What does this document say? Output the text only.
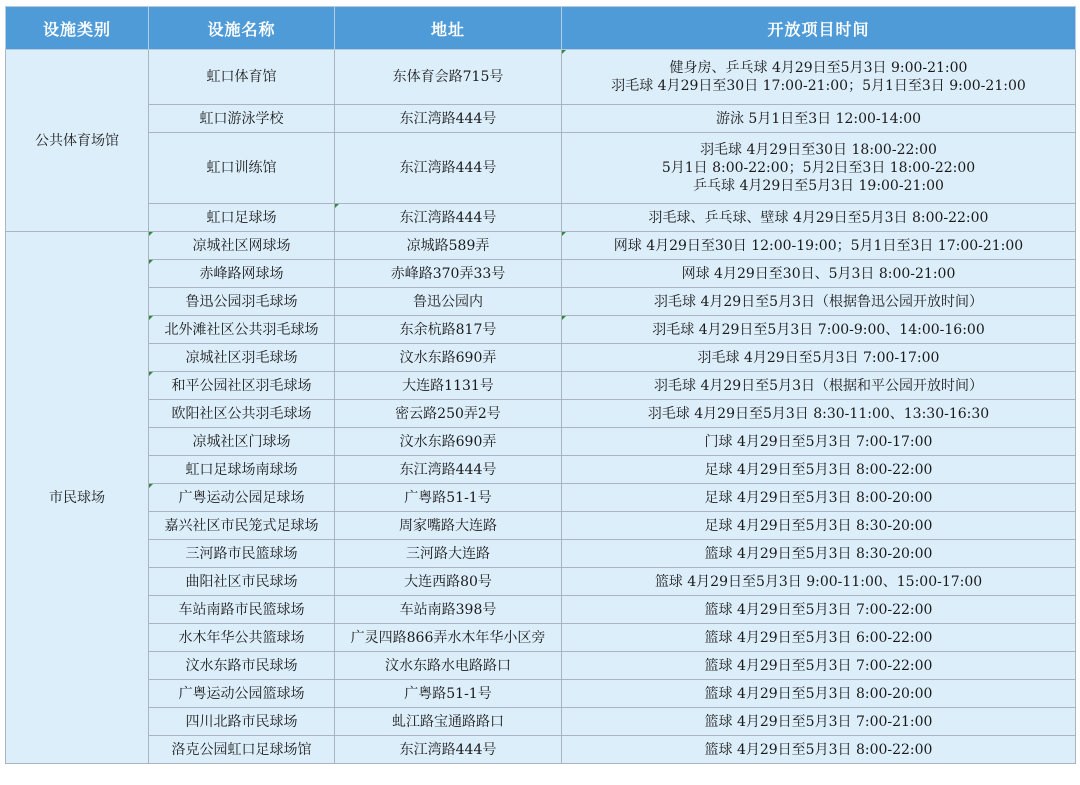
设施类别	设施名称	地址	开放项目时间
公共体育场馆	虹口体育馆	东体育会路715号	健身房、乒乓球 4月29日至5月3日 9:00-21:00
羽毛球 4月29日至30日 17:00-21:00；5月1日至3日 9:00-21:00

	虹口游泳学校	东江湾路444号	游泳 5月1日至3日 12:00-14:00

	虹口训练馆	东江湾路444号	羽毛球 4月29日至30日 18:00-22:00
5月1日 8:00-22:00；5月2日至3日 18:00-22:00
乒乓球 4月29日至5月3日 19:00-21:00

	虹口足球场	东江湾路444号	羽毛球、乒乓球、壁球 4月29日至5月3日 8:00-22:00

市民球场	凉城社区网球场	凉城路589弄	网球 4月29日至30日 12:00-19:00；5月1日至3日 17:00-21:00
	赤峰路网球场	赤峰路370弄33号	网球 4月29日至30日、5月3日 8:00-21:00
	鲁迅公园羽毛球场	鲁迅公园内	羽毛球 4月29日至5月3日（根据鲁迅公园开放时间）
	北外滩社区公共羽毛球场	东余杭路817号	羽毛球 4月29日至5月3日 7:00-9:00、14:00-16:00
	凉城社区羽毛球场	汶水东路690弄	羽毛球 4月29日至5月3日 7:00-17:00
	和平公园社区羽毛球场	大连路1131号	羽毛球 4月29日至5月3日（根据和平公园开放时间）
	欧阳社区公共羽毛球场	密云路250弄2号	羽毛球 4月29日至5月3日 8:30-11:00、13:30-16:30
	凉城社区门球场	汶水东路690弄	门球 4月29日至5月3日 7:00-17:00
	虹口足球场南球场	东江湾路444号	足球 4月29日至5月3日 8:00-22:00
	广粤运动公园足球场	广粤路51-1号	足球 4月29日至5月3日 8:00-20:00
	嘉兴社区市民笼式足球场	周家嘴路大连路	足球 4月29日至5月3日 8:30-20:00
	三河路市民篮球场	三河路大连路	篮球 4月29日至5月3日 8:30-20:00
	曲阳社区市民球场	大连西路80号	篮球 4月29日至5月3日 9:00-11:00、15:00-17:00
	车站南路市民篮球场	车站南路398号	篮球 4月29日至5月3日 7:00-22:00
	水木年华公共篮球场	广灵四路866弄水木年华小区旁	篮球 4月29日至5月3日 6:00-22:00
	汶水东路市民球场	汶水东路水电路路口	篮球 4月29日至5月3日 7:00-22:00
	广粤运动公园篮球场	广粤路51-1号	篮球 4月29日至5月3日 8:00-20:00
	四川北路市民球场	虬江路宝通路路口	篮球 4月29日至5月3日 7:00-21:00
	洛克公园虹口足球场馆	东江湾路444号	篮球 4月29日至5月3日 8:00-22:00
